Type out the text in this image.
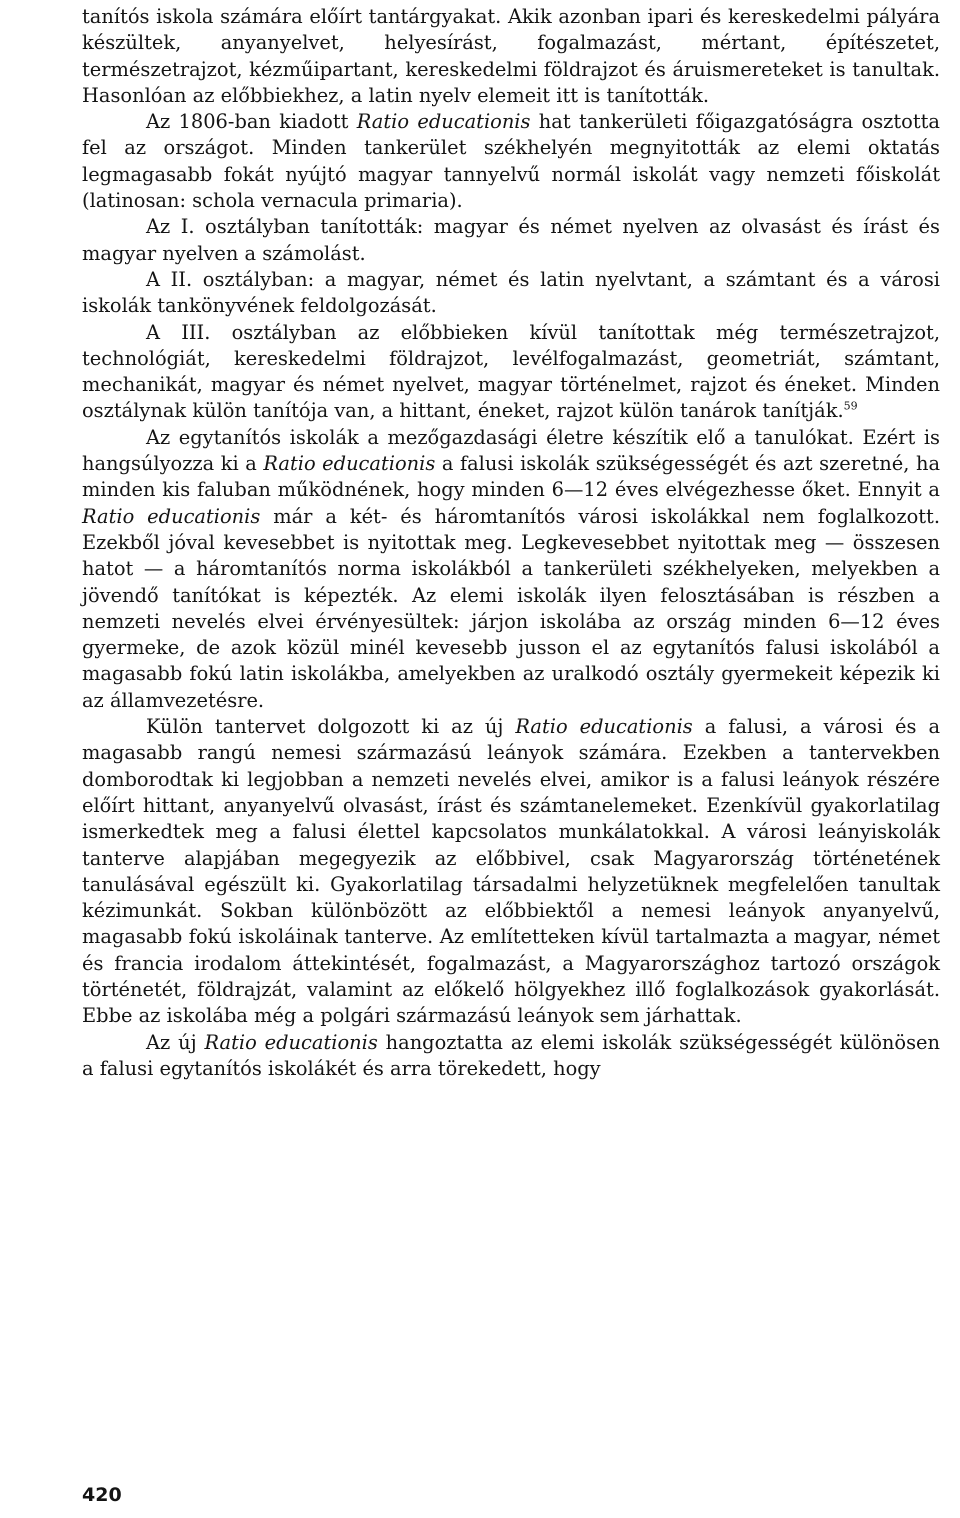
tanítós iskola számára előírt tantárgyakat. Akik azonban ipari és kereskedelmi pályára készültek, anyanyelvet, helyesírást, fogalmazást, mértant, építészetet, természetrajzot, kézműipartant, kereskedelmi földrajzot és áruismereteket is tanultak. Hasonlóan az előbbiekhez, a latin nyelv elemeit itt is tanították.

Az 1806-ban kiadott Ratio educationis hat tankerületi főigazgatóságra osztotta fel az országot. Minden tankerület székhelyén megnyitották az elemi oktatás legmagasabb fokát nyújtó magyar tannyelvű normál iskolát vagy nemzeti főiskolát (latinosan: schola vernacula primaria).

Az I. osztályban tanították: magyar és német nyelven az olvasást és írást és magyar nyelven a számolást.

A II. osztályban: a magyar, német és latin nyelvtant, a számtant és a városi iskolák tankönyvének feldolgozását.

A III. osztályban az előbbieken kívül tanítottak még természetrajzot, technológiát, kereskedelmi földrajzot, levélfogalmazást, geometriát, számtant, mechanikát, magyar és német nyelvet, magyar történelmet, rajzot és éneket. Minden osztálynak külön tanítója van, a hittant, éneket, rajzot külön tanárok tanítják.$^{59}$

Az egytanítós iskolák a mezőgazdasági életre készítik elő a tanulókat. Ezért is hangsúlyozza ki a Ratio educationis a falusi iskolák szükségességét és azt szeretné, ha minden kis faluban működnének, hogy minden 6—12 éves elvégezhesse őket. Ennyit a Ratio educationis már a két- és háromtanítós városi iskolákkal nem foglalkozott. Ezekből jóval kevesebbet is nyitottak meg. Legkevesebbet nyitottak meg — összesen hatot — a háromtanítós norma iskolákból a tankerületi székhelyeken, melyekben a jövendő tanítókat is képezték. Az elemi iskolák ilyen felosztásában is részben a nemzeti nevelés elvei érvényesültek: járjon iskolába az ország minden 6—12 éves gyermeke, de azok közül minél kevesebb jusson el az egytanítós falusi iskolából a magasabb fokú latin iskolákba, amelyekben az uralkodó osztály gyermekeit képezik ki az államvezetésre.

Külön tantervet dolgozott ki az új Ratio educationis a falusi, a városi és a magasabb rangú nemesi származású leányok számára. Ezekben a tantervekben domborodtak ki legjobban a nemzeti nevelés elvei, amikor is a falusi leányok részére előírt hittant, anyanyelvű olvasást, írást és számtanelemeket. Ezenkívül gyakorlatilag ismerkedtek meg a falusi élettel kapcsolatos munkálatokkal. A városi leányiskolák tanterve alapjában megegyezik az előbbivel, csak Magyarország történetének tanulásával egészült ki. Gyakorlatilag társadalmi helyzetüknek megfelelően tanultak kézimunkát. Sokban különbözött az előbbiektől a nemesi leányok anyanyelvű, magasabb fokú iskoláinak tanterve. Az említetteken kívül tartalmazta a magyar, német és francia irodalom áttekintését, fogalmazást, a Magyarországhoz tartozó országok történetét, földrajzát, valamint az előkelő hölgyekhez illő foglalkozások gyakorlását. Ebbe az iskolába még a polgári származású leányok sem járhattak.

Az új Ratio educationis hangoztatta az elemi iskolák szükségességét különösen a falusi egytanítós iskolákét és arra törekedett, hogy

420
